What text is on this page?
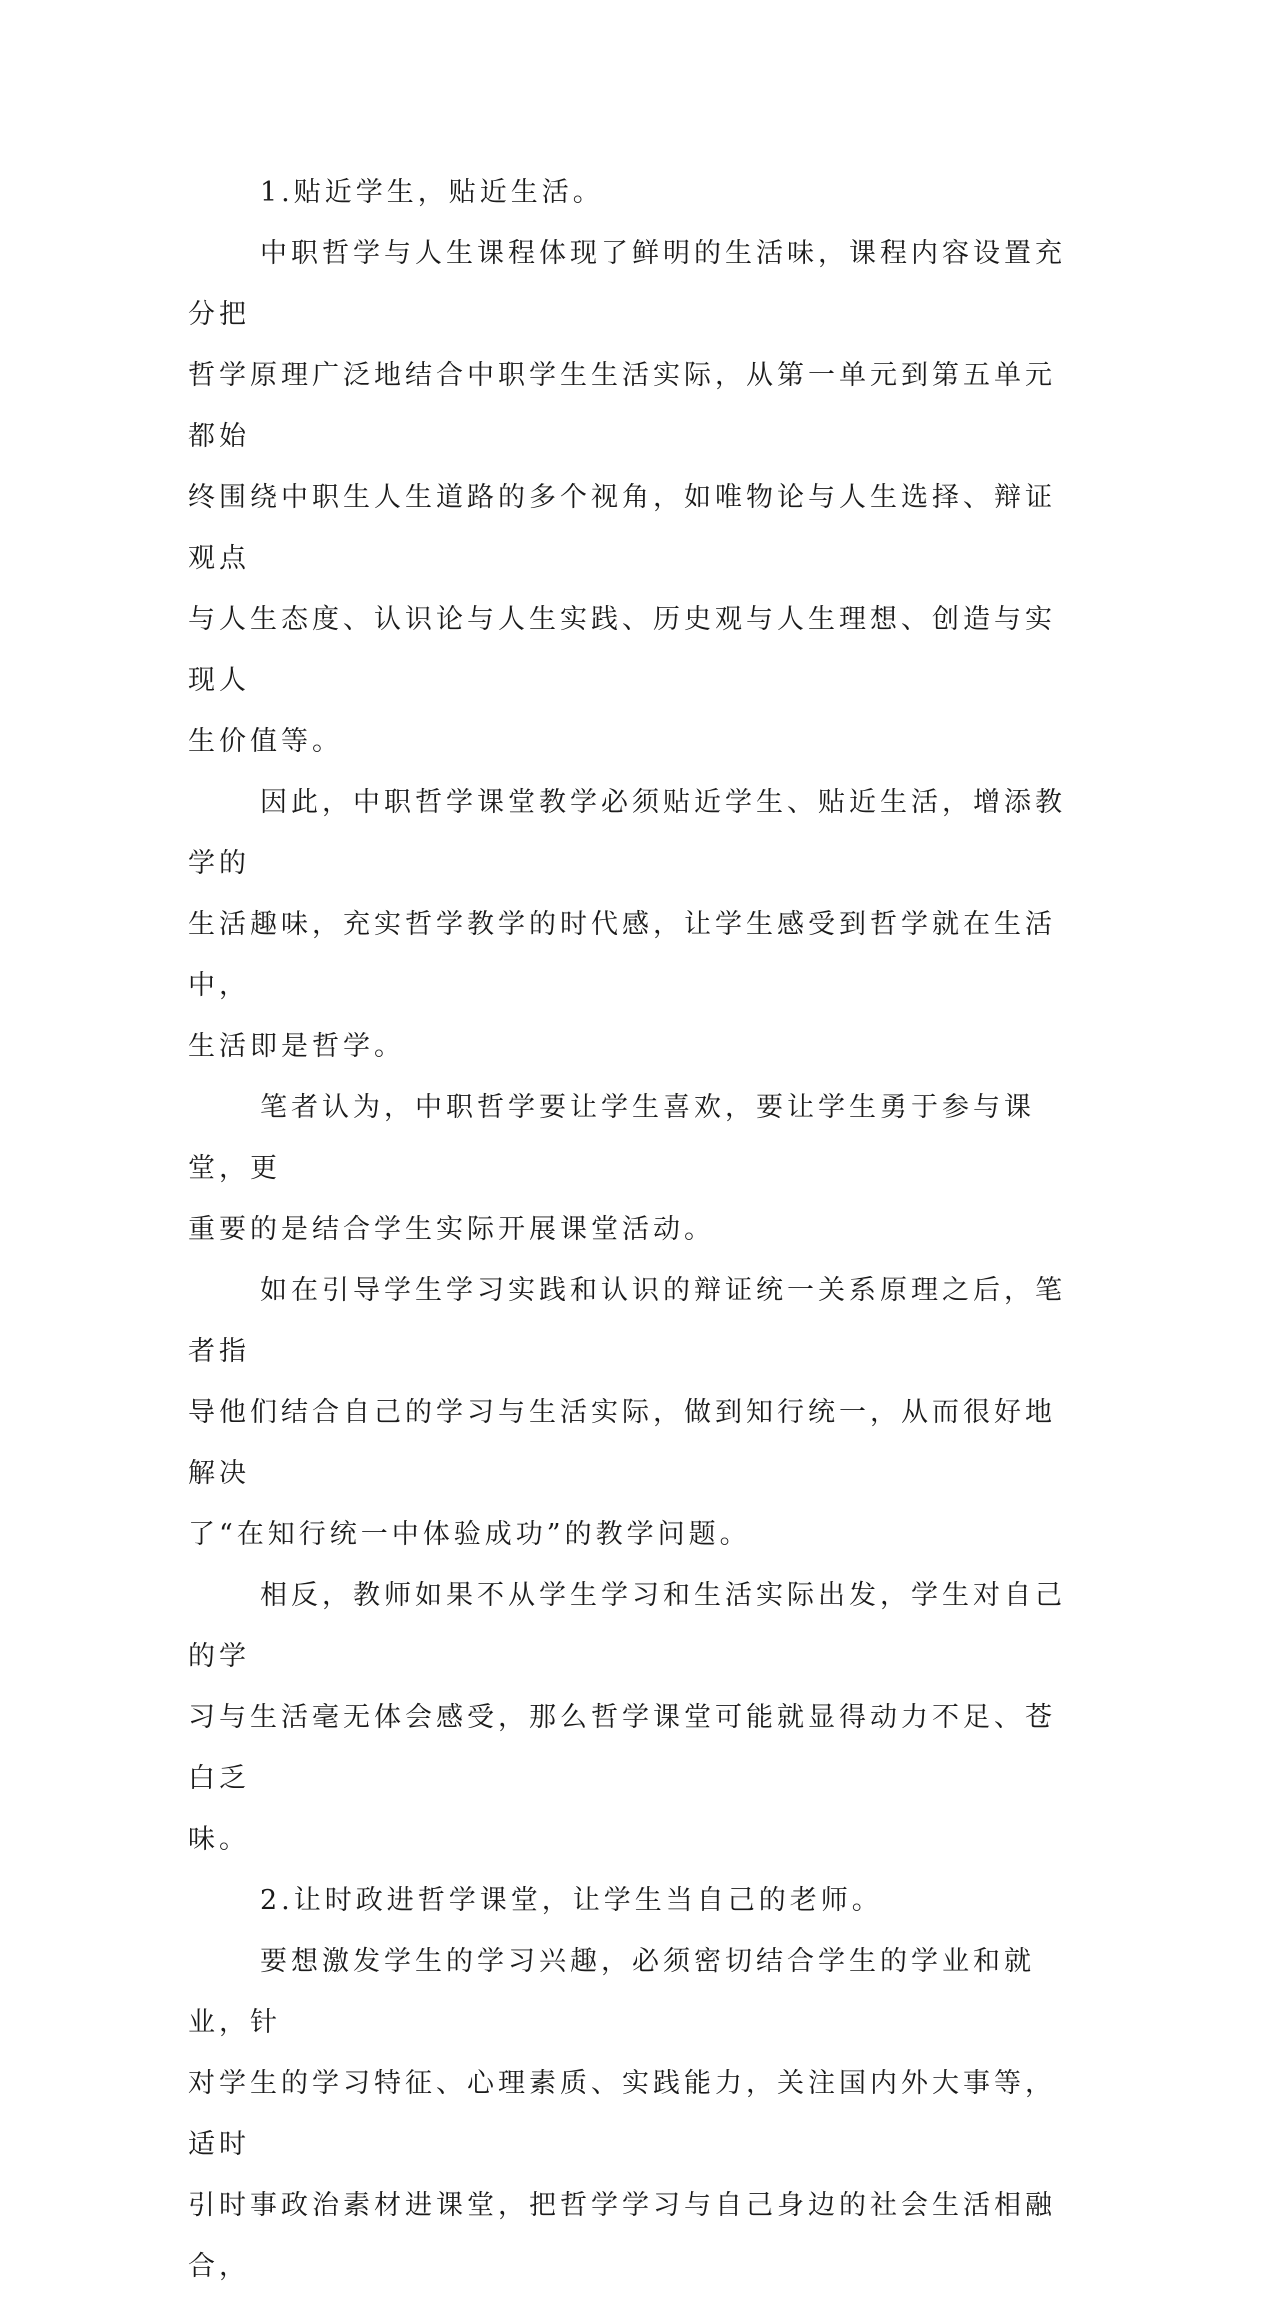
1.贴近学生，贴近生活。

中职哲学与人生课程体现了鲜明的生活味，课程内容设置充分把
哲学原理广泛地结合中职学生生活实际，从第一单元到第五单元都始
终围绕中职生人生道路的多个视角，如唯物论与人生选择、辩证观点
与人生态度、认识论与人生实践、历史观与人生理想、创造与实现人
生价值等。

因此，中职哲学课堂教学必须贴近学生、贴近生活，增添教学的
生活趣味，充实哲学教学的时代感，让学生感受到哲学就在生活中，
生活即是哲学。

笔者认为，中职哲学要让学生喜欢，要让学生勇于参与课堂，更
重要的是结合学生实际开展课堂活动。

如在引导学生学习实践和认识的辩证统一关系原理之后，笔者指
导他们结合自己的学习与生活实际，做到知行统一，从而很好地解决
了“在知行统一中体验成功”的教学问题。

相反，教师如果不从学生学习和生活实际出发，学生对自己的学
习与生活毫无体会感受，那么哲学课堂可能就显得动力不足、苍白乏
味。

2.让时政进哲学课堂，让学生当自己的老师。

要想激发学生的学习兴趣，必须密切结合学生的学业和就业，针
对学生的学习特征、心理素质、实践能力，关注国内外大事等，适时
引时事政治素材进课堂，把哲学学习与自己身边的社会生活相融合，
